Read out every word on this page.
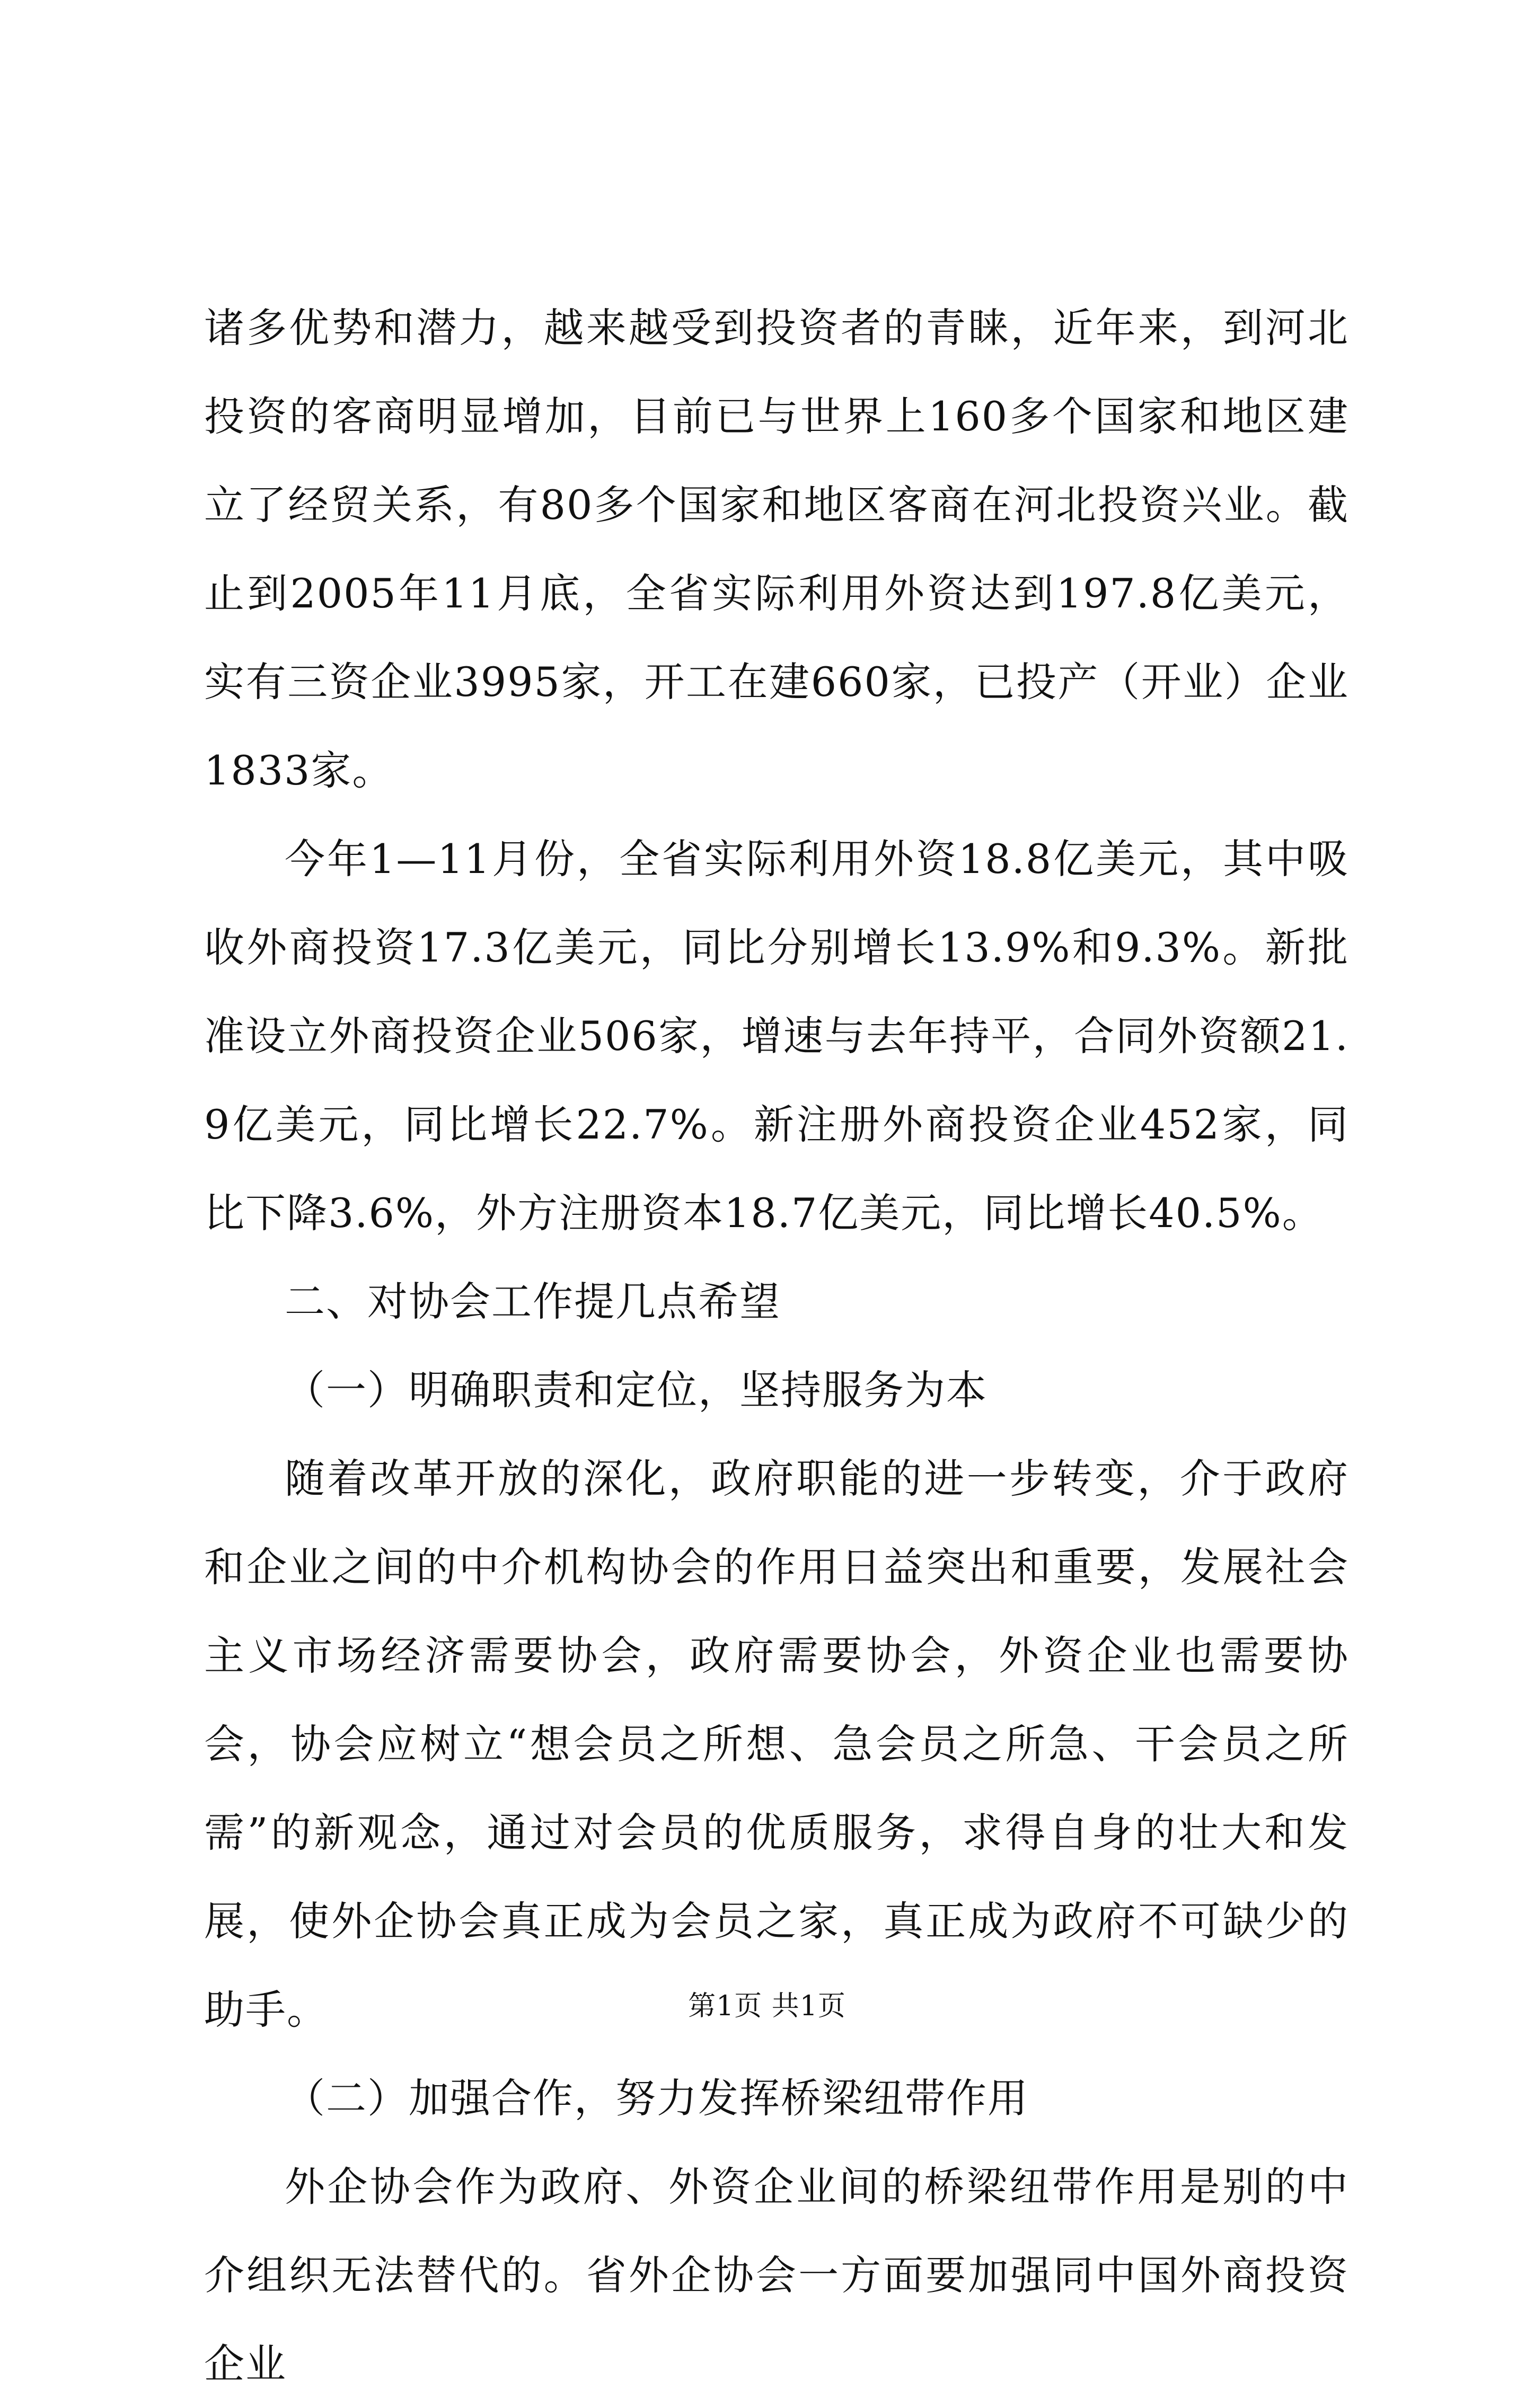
诸多优势和潜力，越来越受到投资者的青睐，近年来，到河北投资的客商明显增加，目前已与世界上160多个国家和地区建立了经贸关系，有80多个国家和地区客商在河北投资兴业。截止到2005年11月底，全省实际利用外资达到197.8亿美元，实有三资企业3995家，开工在建660家，已投产（开业）企业1833家。

今年1—11月份，全省实际利用外资18.8亿美元，其中吸收外商投资17.3亿美元，同比分别增长13.9%和9.3%。新批准设立外商投资企业506家，增速与去年持平，合同外资额21.9亿美元，同比增长22.7%。新注册外商投资企业452家，同比下降3.6%，外方注册资本18.7亿美元，同比增长40.5%。

二、对协会工作提几点希望

（一）明确职责和定位，坚持服务为本

随着改革开放的深化，政府职能的进一步转变，介于政府和企业之间的中介机构协会的作用日益突出和重要，发展社会主义市场经济需要协会，政府需要协会，外资企业也需要协会，协会应树立“想会员之所想、急会员之所急、干会员之所需”的新观念，通过对会员的优质服务，求得自身的壮大和发展，使外企协会真正成为会员之家，真正成为政府不可缺少的助手。

（二）加强合作，努力发挥桥梁纽带作用

外企协会作为政府、外资企业间的桥梁纽带作用是别的中介组织无法替代的。省外企协会一方面要加强同中国外商投资企业

第1页 共1页
